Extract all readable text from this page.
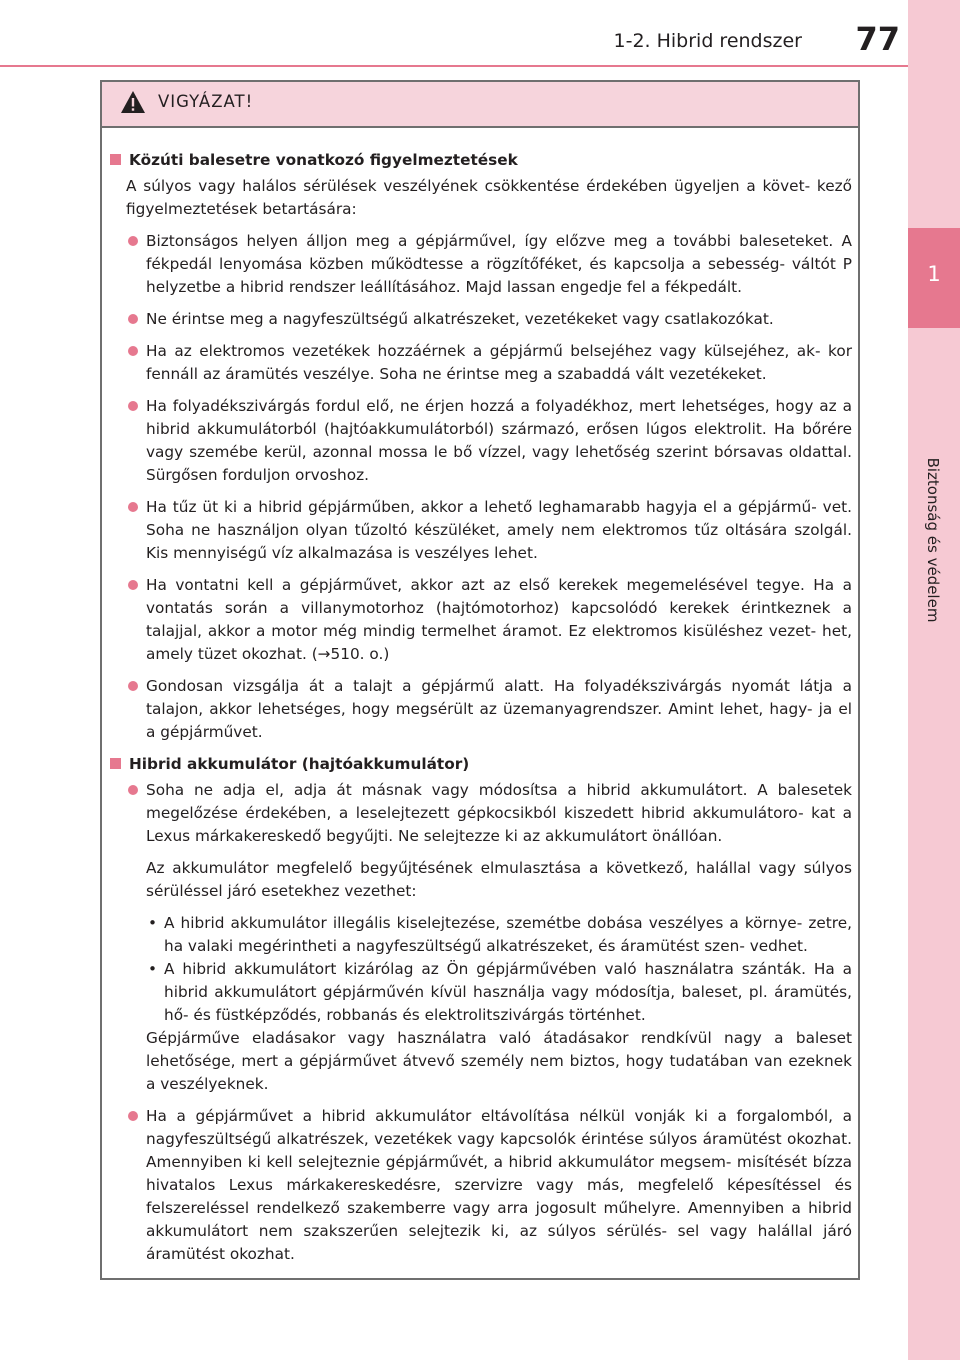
1
Biztonság és védelem
1-2. Hibrid rendszer	77
VIGYÁZAT!
Közúti balesetre vonatkozó figyelmeztetések
A súlyos vagy halálos sérülések veszélyének csökkentése érdekében ügyeljen a követ- kező figyelmeztetések betartására:
Biztonságos helyen álljon meg a gépjárművel, így előzve meg a további baleseteket. A fékpedál lenyomása közben működtesse a rögzítőféket, és kapcsolja a sebesség- váltót P helyzetbe a hibrid rendszer leállításához. Majd lassan engedje fel a fékpedált.
Ne érintse meg a nagyfeszültségű alkatrészeket, vezetékeket vagy csatlakozókat.
Ha az elektromos vezetékek hozzáérnek a gépjármű belsejéhez vagy külsejéhez, ak- kor fennáll az áramütés veszélye. Soha ne érintse meg a szabaddá vált vezetékeket.
Ha folyadékszivárgás fordul elő, ne érjen hozzá a folyadékhoz, mert lehetséges, hogy az a hibrid akkumulátorból (hajtóakkumulátorból) származó, erősen lúgos elektrolit. Ha bőrére vagy szemébe kerül, azonnal mossa le bő vízzel, vagy lehetőség szerint bórsavas oldattal. Sürgősen forduljon orvoshoz.
Ha tűz üt ki a hibrid gépjárműben, akkor a lehető leghamarabb hagyja el a gépjármű- vet. Soha ne használjon olyan tűzoltó készüléket, amely nem elektromos tűz oltására szolgál. Kis mennyiségű víz alkalmazása is veszélyes lehet.
Ha vontatni kell a gépjárművet, akkor azt az első kerekek megemelésével tegye. Ha a vontatás során a villanymotorhoz (hajtómotorhoz) kapcsolódó kerekek érintkeznek a talajjal, akkor a motor még mindig termelhet áramot. Ez elektromos kisüléshez vezet- het, amely tüzet okozhat. (→510. o.)
Gondosan vizsgálja át a talajt a gépjármű alatt. Ha folyadékszivárgás nyomát látja a talajon, akkor lehetséges, hogy megsérült az üzemanyagrendszer. Amint lehet, hagy- ja el a gépjárművet.
Hibrid akkumulátor (hajtóakkumulátor)
Soha ne adja el, adja át másnak vagy módosítsa a hibrid akkumulátort. A balesetek megelőzése érdekében, a leselejtezett gépkocsikból kiszedett hibrid akkumulátoro- kat a Lexus márkakereskedő begyűjti. Ne selejtezze ki az akkumulátort önállóan.
Az akkumulátor megfelelő begyűjtésének elmulasztása a következő, halállal vagy súlyos sérüléssel járó esetekhez vezethet:
• A hibrid akkumulátor illegális kiselejtezése, szemétbe dobása veszélyes a környe- zetre, ha valaki megérintheti a nagyfeszültségű alkatrészeket, és áramütést szen- vedhet.
• A hibrid akkumulátort kizárólag az Ön gépjárművében való használatra szánták. Ha a hibrid akkumulátort gépjárművén kívül használja vagy módosítja, baleset, pl. áramütés, hő- és füstképződés, robbanás és elektrolitszivárgás történhet.
Gépjárműve eladásakor vagy használatra való átadásakor rendkívül nagy a baleset lehetősége, mert a gépjárművet átvevő személy nem biztos, hogy tudatában van ezeknek a veszélyeknek.
Ha a gépjárművet a hibrid akkumulátor eltávolítása nélkül vonják ki a forgalomból, a nagyfeszültségű alkatrészek, vezetékek vagy kapcsolók érintése súlyos áramütést okozhat. Amennyiben ki kell selejteznie gépjárművét, a hibrid akkumulátor megsem- misítését bízza hivatalos Lexus márkakereskedésre, szervizre vagy más, megfelelő képesítéssel és felszereléssel rendelkező szakemberre vagy arra jogosult műhelyre. Amennyiben a hibrid akkumulátort nem szakszerűen selejtezik ki, az súlyos sérülés- sel vagy halállal járó áramütést okozhat.
